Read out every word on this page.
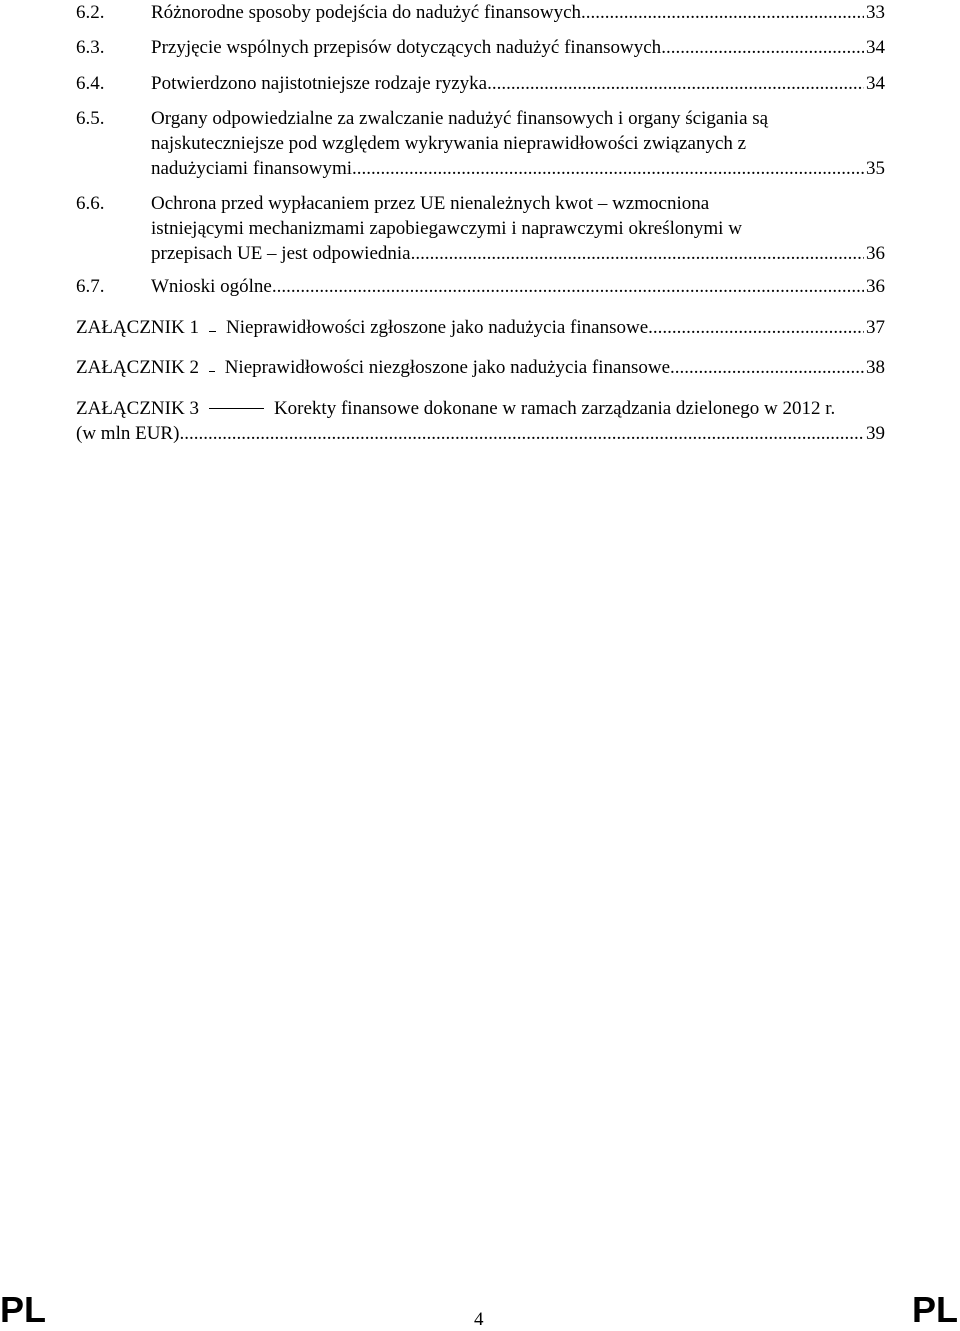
6.2. Różnorodne sposoby podejścia do nadużyć finansowych .....	33
6.3. Przyjęcie wspólnych przepisów dotyczących nadużyć finansowych .....	34
6.4. Potwierdzono najistotniejsze rodzaje ryzyka .....	34
6.5. Organy odpowiedzialne za zwalczanie nadużyć finansowych i organy ścigania są
najskuteczniejsze pod względem wykrywania nieprawidłowości związanych z
nadużyciami finansowymi... .....	35
6.6. Ochrona przed wypłacaniem przez UE nienależnych kwot – wzmocniona
istniejącymi mechanizmami zapobiegawczymi i naprawczymi określonymi w
przepisach UE – jest odpowiednia .....	36
6.7. Wnioski ogólne .....	36
ZAŁĄCZNIK 1 Nieprawidłowości zgłoszone jako nadużycia finansowe .....	37
ZAŁĄCZNIK 2 Nieprawidłowości niezgłoszone jako nadużycia finansowe .....	38
ZAŁĄCZNIK 3	Korekty finansowe dokonane w ramach zarządzania dzielonego w 2012 r.
(w mln EUR) .....	39
PL	4	PL
